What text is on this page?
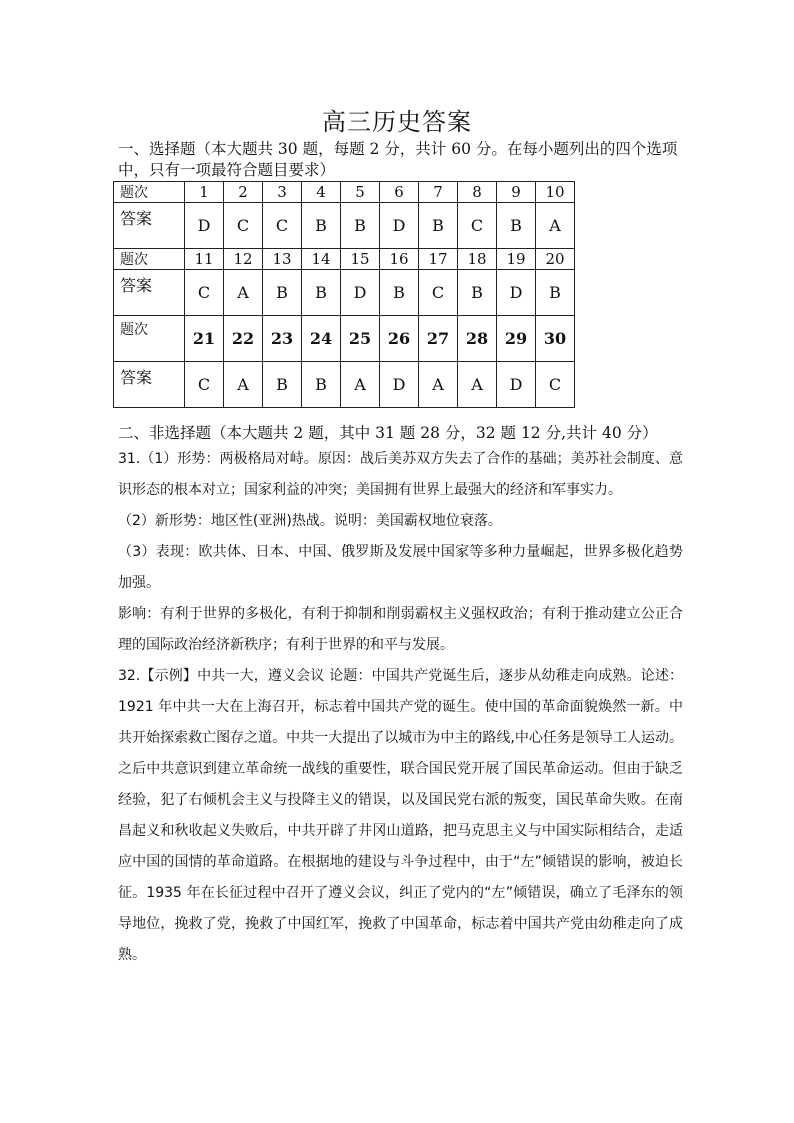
高三历史答案
一、选择题（本大题共 30 题，每题 2 分，共计 60 分。在每小题列出的四个选项中，只有一项最符合题目要求）
题次	1	2	3	4	5	6	7	8	9	10
答案	D	C	C	B	B	D	B	C	B	A
题次	11	12	13	14	15	16	17	18	19	20
答案	C	A	B	B	D	B	C	B	D	B
题次	21	22	23	24	25	26	27	28	29	30
答案	C	A	B	B	A	D	A	A	D	C
二、非选择题（本大题共 2 题，其中 31 题 28 分，32 题 12 分,共计 40 分）

31.（1）形势：两极格局对峙。原因：战后美苏双方失去了合作的基础；美苏社会制度、意识形态的根本对立；国家利益的冲突；美国拥有世界上最强大的经济和军事实力。

（2）新形势：地区性(亚洲)热战。说明：美国霸权地位衰落。

（3）表现：欧共体、日本、中国、俄罗斯及发展中国家等多种力量崛起，世界多极化趋势加强。

影响：有利于世界的多极化，有利于抑制和削弱霸权主义强权政治；有利于推动建立公正合理的国际政治经济新秩序；有利于世界的和平与发展。

32.【示例】中共一大，遵义会议 论题：中国共产党诞生后，逐步从幼稚走向成熟。论述：1921 年中共一大在上海召开，标志着中国共产党的诞生。使中国的革命面貌焕然一新。中共开始探索救亡图存之道。中共一大提出了以城市为中主的路线,中心任务是领导工人运动。之后中共意识到建立革命统一战线的重要性，联合国民党开展了国民革命运动。但由于缺乏经验，犯了右倾机会主义与投降主义的错误，以及国民党右派的叛变，国民革命失败。在南昌起义和秋收起义失败后，中共开辟了井冈山道路，把马克思主义与中国实际相结合，走适应中国的国情的革命道路。在根据地的建设与斗争过程中，由于“左”倾错误的影响，被迫长征。1935 年在长征过程中召开了遵义会议，纠正了党内的“左”倾错误，确立了毛泽东的领导地位，挽救了党，挽救了中国红军，挽救了中国革命，标志着中国共产党由幼稚走向了成熟。
